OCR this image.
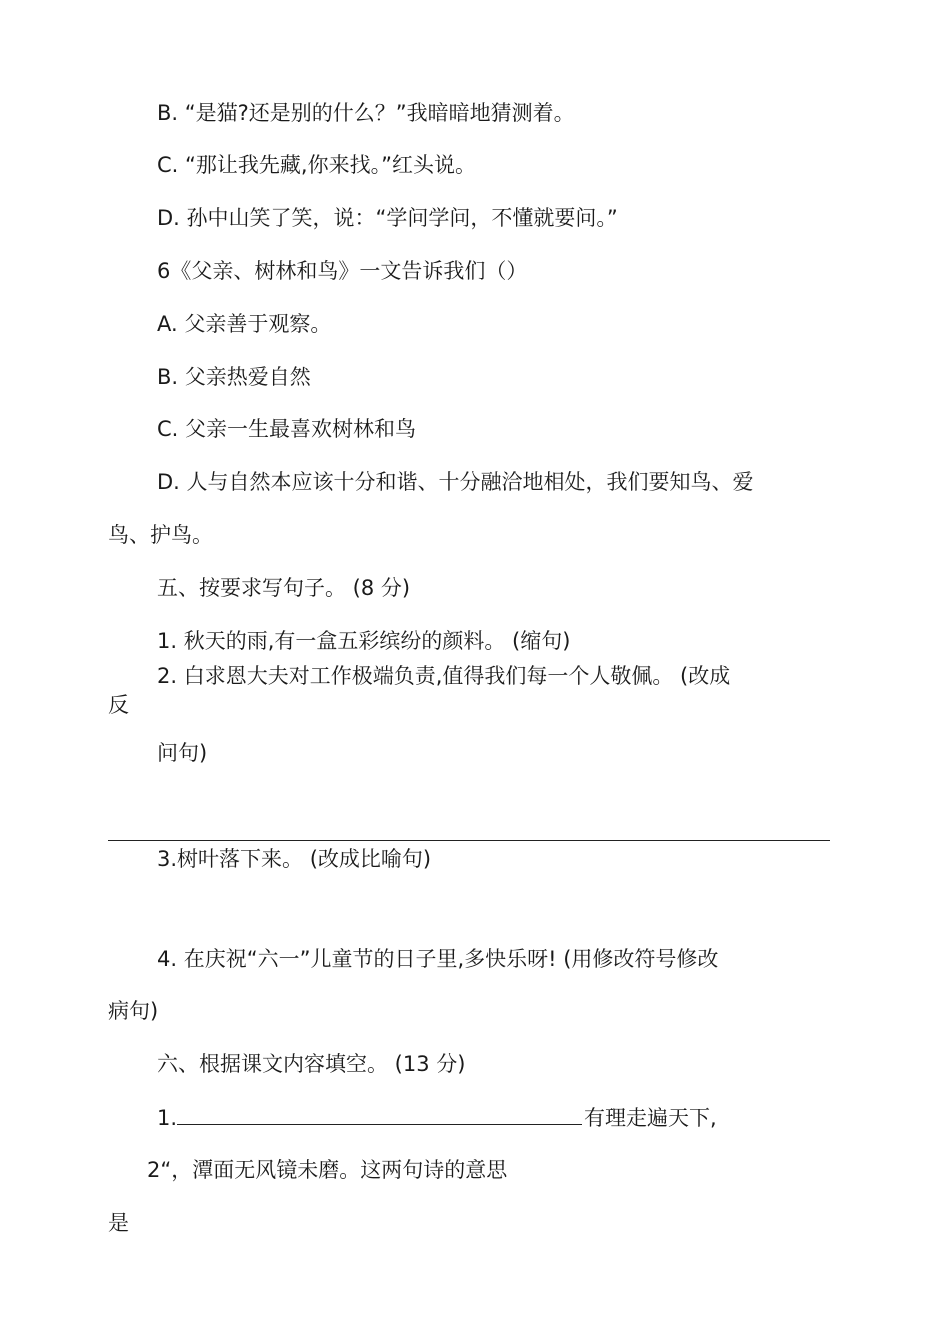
B. “是猫?还是别的什么？”我暗暗地猜测着。
C. “那让我先藏,你来找。”红头说。
D. 孙中山笑了笑，说：“学问学问，不懂就要问。”
6《父亲、树林和鸟》一文告诉我们（）
A. 父亲善于观察。
B. 父亲热爱自然
C. 父亲一生最喜欢树林和鸟
D. 人与自然本应该十分和谐、十分融洽地相处，我们要知鸟、爱
鸟、护鸟。
五、按要求写句子。 (8 分)
1. 秋天的雨,有一盒五彩缤纷的颜料。 (缩句)
2. 白求恩大夫对工作极端负责,值得我们每一个人敬佩。 (改成
反
问句)
3.树叶落下来。 (改成比喻句)
4. 在庆祝“六一”儿童节的日子里,多快乐呀! (用修改符号修改
病句)
六、根据课文内容填空。 (13 分)
1.	有理走遍天下,
2“，潭面无风镜未磨。这两句诗的意思
是
